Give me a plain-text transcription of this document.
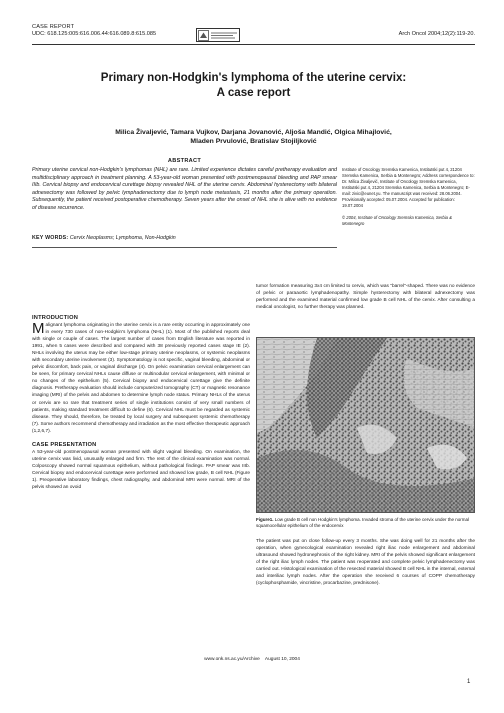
CASE REPORT
UDC: 618.125:005:616.006.44:616.089.8:615.085	Arch Oncol 2004;12(2):119-20.
Primary non-Hodgkin's lymphoma of the uterine cervix:
A case report
Milica Živaljević, Tamara Vujkov, Darjana Jovanović, Aljoša Mandić, Olgica Mihajlović,
Mladen Prvulović, Bratislav Stojiljković
ABSTRACT
Primary uterine cervical non-Hodgkin's lymphomas (NHL) are rare. Limited experience dictates careful pretherapy evaluation and multidisciplinary approach in treatment planning. A 53-year-old woman presented with postmenopausal bleeding and PAP smear IIIb. Cervical biopsy and endocervical curettage biopsy revealed NHL of the uterine cervix. Abdominal hysterectomy with bilateral adnexectomy was followed by pelvic lymphadenectomy due to lymph node metastasis, 21 months after the primary operation. Subsequently, the patient received postoperative chemotherapy. Seven years after the onset of NHL she is alive with no evidence of disease recurrence.
KEY WORDS: Cervix Neoplasms; Lymphoma, Non-Hodgkin

Institute of Oncology Sremska Kamenica, Institutski put 4, 21204 Sremska Kamenica, Serbia & Montenegro; Address correspondence to: Dr. Milica Živaljević, Institute of Oncology Sremska Kamenica, Institutski put 4, 21204 Sremska Kamenica, Serbia & Montenegro; E-mail: zivic@eunet.yu. The manuscript was received: 28.06.2004. Provisionally accepted: 05.07.2004. Accepted for publication: 19.07.2004

© 2004, Institute of Oncology Sremska Kamenica, Serbia & Montenegro

INTRODUCTION
Malignant lymphoma originating in the uterine cervix is a rare entity occurring in approximately one in every 730 cases of non-Hodgkin's lymphoma (NHL) (1). Most of the published reports deal with single or couple of cases. The largest number of cases from English literature was reported in 1991, when 5 cases were described and compared with 38 previously reported cases stage IE (2). NHLs involving the uterus may be either low-stage primary uterine neoplasms, or systemic neoplasms with secondary uterine involvement (3). Symptomatology is not specific, vaginal bleeding, abdominal or pelvic discomfort, back pain, or vaginal discharge (4). On pelvic examination cervical enlargement can be seen, for primary cervical NHLs cause diffuse or multinodular cervical enlargement, with minimal or no changes of the epithelium (5). Cervical biopsy and endocervical curettage give the definite diagnosis. Pretherapy evaluation should include computerized tomography (CT) or magnetic resonance imaging (MRI) of the pelvis and abdomen to determine lymph node status. Primary NHLs of the uterus or cervix are so rare that treatment series of single institutions consist of very small numbers of patients, making standard treatment difficult to define (6). Cervical NHL must be regarded as systemic disease. They should, therefore, be treated by local surgery and subsequent systemic chemotherapy (7). Some authors recommend chemotherapy and irradiation as the most effective therapeutic approach (1,2,6,7).
CASE PRESENTATION
A 53-year-old postmenopausal woman presented with slight vaginal bleeding. On examination, the uterine cervix was livid, unusually enlarged and firm. The rest of the clinical examination was normal. Colposcopy showed normal squamous epithelium, without pathological findings. PAP smear was IIIb. Cervical biopsy and endocervical curettage were performed and showed low grade, B cell NHL (Figure 1). Preoperative laboratory findings, chest radiography, and abdominal MRI were normal. MRI of the pelvis showed an ovoid
tumor formation measuring 3x4 cm limited to cervix, which was "barrel"-shaped. There was no evidence of pelvic or paraaortic lymphadenopathy. Simple hysterectomy with bilateral adnexectomy was performed and the examined material confirmed low grade B cell NHL of the cervix. After consulting a medical oncologist, no further therapy was planned.
Figure1. Low grade B cell non Hodgkin's lymphoma. Invaded stroma of the uterine cervix under the normal squamocellular epithelium of the endocervix
The patient was put on close follow-up every 3 months. She was doing well for 21 months after the operation, when gynecological examination revealed right iliac node enlargement and abdominal ultrasound showed hydronephrosis of the right kidney. MRI of the pelvis showed significant enlargement of the right iliac lymph nodes. The patient was reoperated and complete pelvic lymphadenectomy was carried out. Histological examination of the resected material showed B cell NHL in the internal, external and interiliac lymph nodes. After the operation she received 6 courses of COPP chemotherapy (cyclophosphamide, vincristine, procarbazine, prednisone).
www.onk.ns.ac.yu/Archive August 10, 2004
1
